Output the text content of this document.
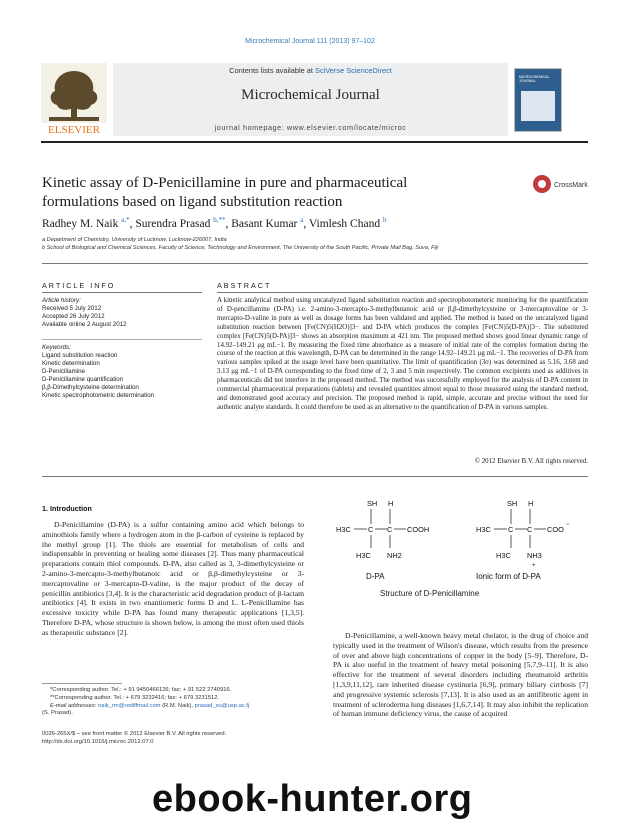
Microchemical Journal 111 (2013) 97–102
ELSEVIER
Contents lists available at SciVerse ScienceDirect
Microchemical Journal
journal homepage: www.elsevier.com/locate/microc
MICROCHEMICAL JOURNAL
Kinetic assay of D-Penicillamine in pure and pharmaceutical formulations based on ligand substitution reaction
CrossMark
Radhey M. Naik $^{a,*}$, Surendra Prasad $^{b,**}$, Basant Kumar $^a$, Vimlesh Chand $^b$
a Department of Chemistry, University of Lucknow, Lucknow-226007, India
b School of Biological and Chemical Sciences, Faculty of Science, Technology and Environment, The University of the South Pacific, Private Mail Bag, Suva, Fiji
ARTICLE INFO
Article history:
Received 5 July 2012
Accepted 26 July 2012
Available online 2 August 2012
Keywords:
Ligand substitution reaction
Kinetic determination
D-Penicillamine
D-Penicillamine quantification
β,β-Dimethylcysteine determination
Kinetic spectrophotometric determination
ABSTRACT
A kinetic analytical method using uncatalyzed ligand substitution reaction and spectrophotometeric monitoring for the quantification of D-pencillamine (D-PA) i.e. 2-amino-3-mercapto-3-methylbutanoic acid or β,β-dimethylcysteine or 3-mercaptovaline or 3-mercapto-D-valine in pure as well as dosage forms has been validated and applied. The method is based on the uncatalyzed ligand substitution reaction between [Fe(CN)5(H2O)]3− and D-PA which produces the complex [Fe(CN)5(D-PA)]3−. The substituted complex [Fe(CN)5(D-PA)]3− shows an absorption maximum at 421 nm. The proposed method shows good linear dynamic range of 14.92–149.21 μg mL−1. By measuring the fixed time absorbance as a measure of initial rate of the complex formation during the course of the reaction at this wavelength, D-PA can be determined in the range 14.92–149.21 μg mL−1. The recoveries of D-PA from various samples spiked at the usage level have been quantitative. The limit of quantification (3σ) was determined as 5.16, 3.68 and 3.13 μg mL−1 of D-PA corresponding to the fixed time of 2, 3 and 5 min respectively. The common excipients used as additives in pharmaceuticals did not interfere in the proposed method. The method was successfully employed for the analysis of D-PA content in commercial pharmaceutical preparations (tablets) and revealed quantities almost equal to those measured using the standard method, and demonstrated good accuracy and precision. The proposed method is rapid, simple, accurate and precise without the need for authentic analyte standards. It could therefore be used as an alternative to the quantification of D-PA in various samples.
© 2012 Elsevier B.V. All rights reserved.
1. Introduction
D-Penicillamine (D-PA) is a sulfur containing amino acid which belongs to aminothiols family where a hydrogen atom in the β-carbon of cysteine is replaced by the methyl group [1]. The thiols are essential for metabolism of cells and indispensable in preventing or healing some diseases [2]. Thus many pharmaceutical preparations contain thiol compounds. D-PA, also called as 3, 3-dimethylcysteine or 2-amino-3-mercapto-3-methylbutanoic acid or β,β-dimethylcysteine or 3-mercaptovaline or 3-mercapto-D-valine, is the major product of the decay of penicillin antibiotics [3,4]. It is the characteristic acid degradation product of β-lactam antibiotics [4]. It exists in two enantiomeric forms D and L. L-Penicillamine has excessive toxicity while D-PA has found many therapeutic applications [1,3,5]. Therefore D-PA, whose structure is shown below, is among the most often used thiols as therapeutic substance [2].
SH H
H3C C C COOH
H3C NH2
D-PA
SH H
H3C C C COO −
H3C NH3
+
Ionic form of D-PA
Structure of D-Penicillamine
D-Penicillamine, a well-known heavy metal chelator, is the drug of choice and typically used in the treatment of Wilson's disease, which results from the presence of over and above high concentrations of copper in the body [5–9]. Therefore, D-PA is also useful in the treatment of heavy metal poisoning [5,7,9–11]. It is also effective for the treatment of several disorders including rheumatoid arthritis [1,3,9,11,12], rare inherited disease cystinuria [6,9], primary biliary cirrhosis [7] and progressive systemic sclerosis [7,13]. It is also used as an antifibrotic agent in treatment of scleroderma lung diseases [1,6,7,14]. It may also inhibit the replication of human immune deficiency virus, the cause of acquired
*Corresponding author. Tel.: + 91 9450466126; fax: + 91 522 2740916.
**Corresponding author. Tel.: + 679 3232416; fax: + 679 3231512.
E-mail addresses: naik_rm@rediffmail.com (R.M. Naik), prasad_su@usp.ac.fj
(S. Prasad).
0026-265X/$ – see front matter © 2012 Elsevier B.V. All rights reserved.
http://dx.doi.org/10.1016/j.microc.2012.07.0
ebook-hunter.org
